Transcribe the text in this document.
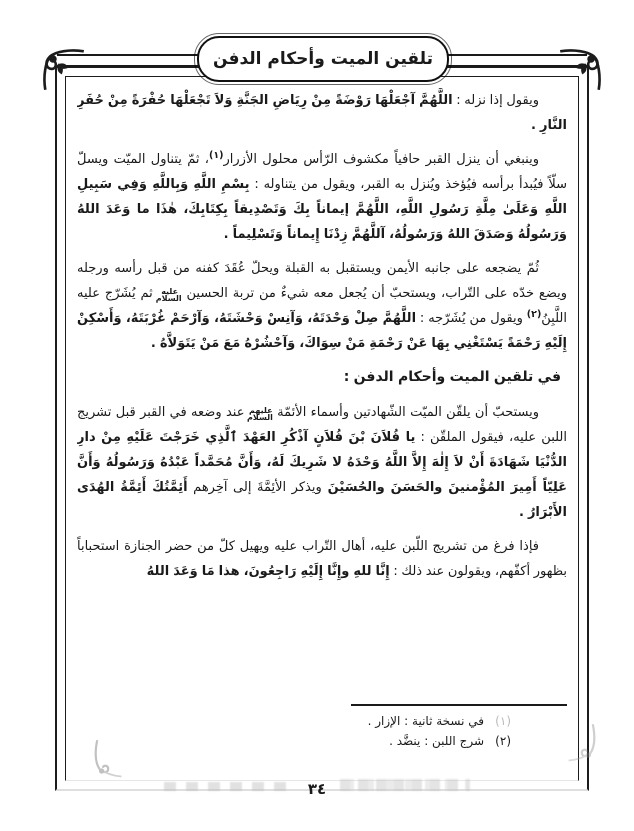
تلقين الميت وأحكام الدفن

ويقول إذا نزله : اللَّهُمَّ آجْعَلْهَا رَوْضَةً مِنْ رِيَاضِ الجَنَّةِ وَلاَ تَجْعَلْهَا حُفْرَةً مِنْ حُفَرِ النَّارِ .

وينبغي أن ينزل القبر حافياً مكشوف الرّأس محلول الأزرار$^{(١)}$، ثمّ يتناول الميّت ويسلّ سلّاً فيُبدأ برأسه فيُؤخذ ويُنزل به القبر، ويقول من يتناوله : بِسْمِ اللَّهِ وَبِاللَّهِ وَفِي سَبِيلِ اللَّهِ وَعَلَىٰ مِلَّةِ رَسُولِ اللَّهِ، اللَّهُمَّ إيماناً بِكَ وَتَصْدِيقاً بِكِتَابِكَ، هٰذَا ما وَعَدَ اللهُ وَرَسُولُهُ وَصَدَقَ اللهُ وَرَسُولُهُ، آللَّهُمَّ زِدْنَا إِيماناً وَتَسْلِيماً .

ثُمّ يضجعه على جانبه الأيمن ويستقبل به القبلة ويحلّ عُقَدَ كفنه من قبل رأسه ورجله ويضع خدّه على التّراب، ويستحبّ أن يُجعل معه شيءٌ من تربة الحسين عليه السلام ثم يُشَرّج عليه اللَّبِنُ$^{(٢)}$ ويقول من يُشَرّجه : اللَّهُمَّ صِلْ وَحْدَتَهُ، وَآنِسْ وَحْشَتَهُ، وَآرْحَمْ غُرْبَتَهُ، وَأَسْكِنْ إِلَيْهِ رَحْمَةً يَسْتَغْنِي بِهَا عَنْ رَحْمَةِ مَنْ سِوَاكَ، وَآحْشُرْهُ مَعَ مَنْ يَتَوَلاَّهُ .

في تلقين الميت وأحكام الدفن :

ويستحبّ أن يلقّن الميّت الشّهادتين وأسماء الأئمّة عليهم السلام عند وضعه في القبر قبل تشريج اللبن عليه، فيقول الملقّن : يا فُلاَنَ بْنَ فُلاَنٍ آذْكُرِ العَهْدَ ٱلَّذِي خَرَجْتَ عَلَيْهِ مِنْ دارِ الدُّنْيَا شَهَادَةَ أَنْ لاَ إِلٰهَ إِلاَّ اللَّهُ وَحْدَهُ لا شَرِيكَ لَهُ، وَأَنَّ مُحَمَّداً عَبْدُهُ وَرَسُولُهُ وَأَنَّ عَلِيّاً أَمِيرَ المُؤْمنينَ والحَسَنَ والحُسَيْنَ ويذكر الأئِمَّةَ إلى آخِرهم أَئِمَّتُكَ أَئِمَّةُ الهُدَى الأَبْرَارُ .

فإذا فرغ من تشريج اللّبن عليه، أهال التّراب عليه ويهيل كلّ من حضر الجنازة استحباباً بظهور أكفّهم، ويقولون عند ذلك : إِنَّا للهِ وإِنَّا إِلَيْهِ رَاجِعُونَ، هذا مَا وَعَدَ اللهُ

(١)
في نسخة ثانية : الإزار .
(٢)
شرج اللبن : ينضَّد .
٣٤
